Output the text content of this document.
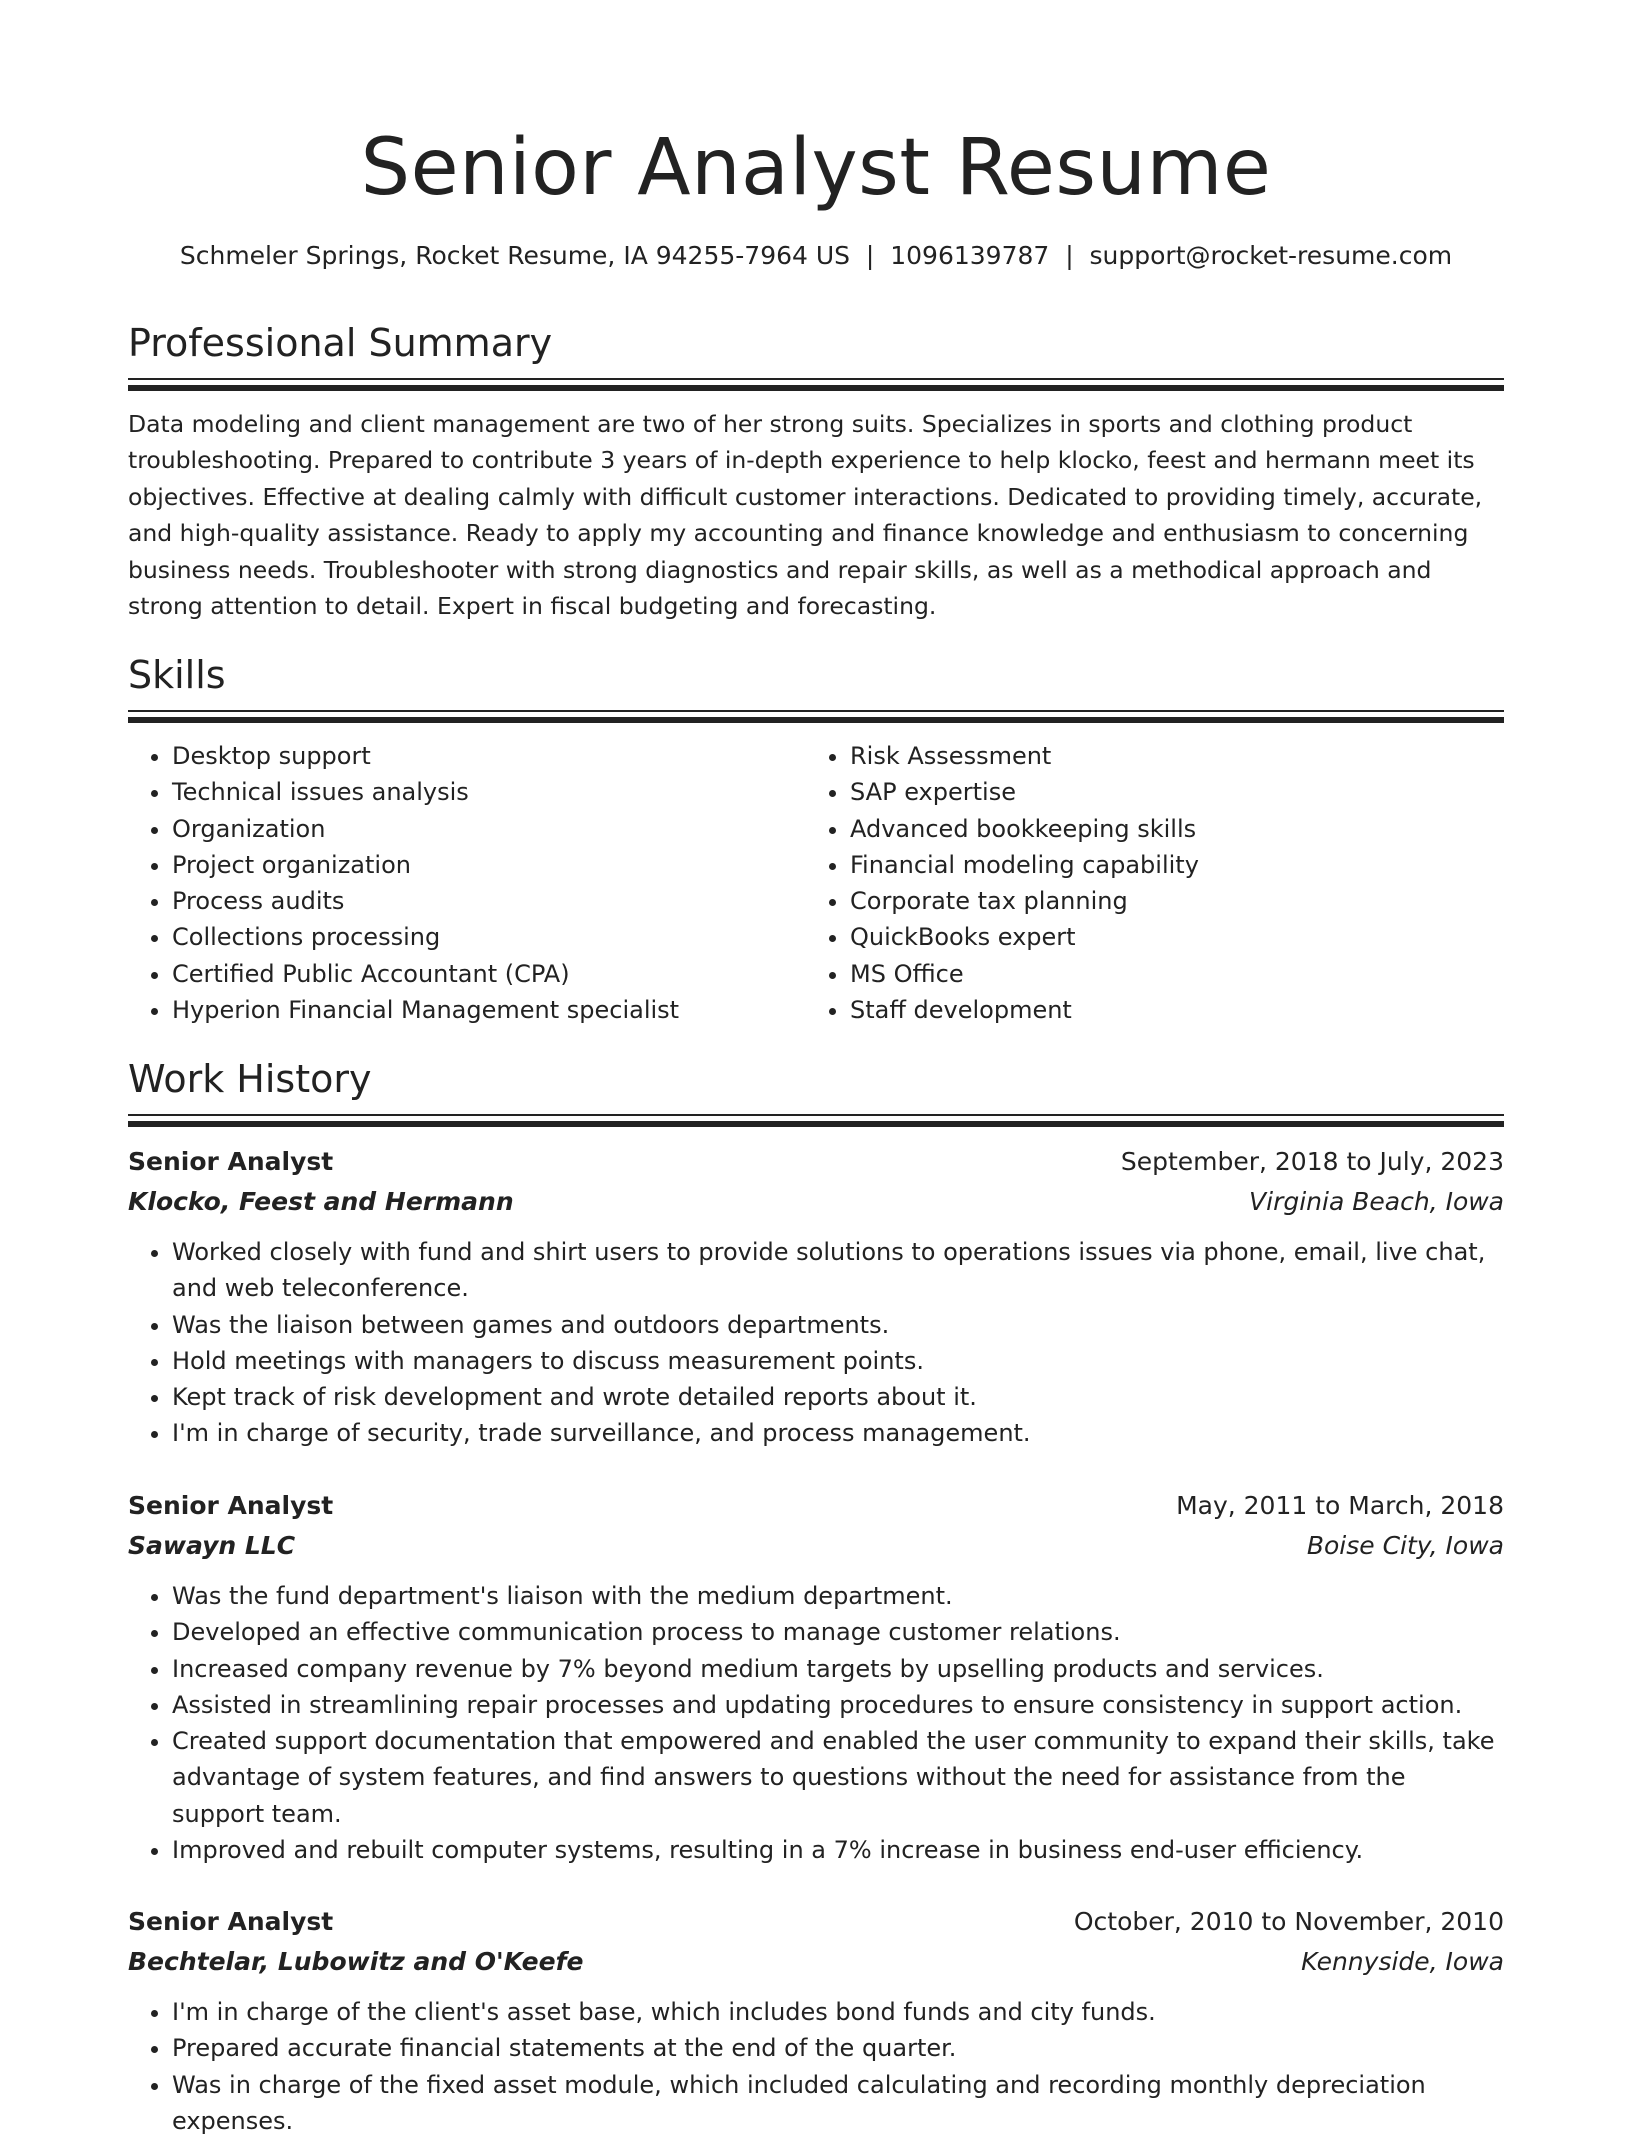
Senior Analyst Resume
Schmeler Springs, Rocket Resume, IA 94255-7964 US  |  1096139787  |  support@rocket-resume.com
Professional Summary

Data modeling and client management are two of her strong suits. Specializes in sports and clothing product troubleshooting. Prepared to contribute 3 years of in-depth experience to help klocko, feest and hermann meet its objectives. Effective at dealing calmly with difficult customer interactions. Dedicated to providing timely, accurate, and high-quality assistance. Ready to apply my accounting and finance knowledge and enthusiasm to concerning business needs. Troubleshooter with strong diagnostics and repair skills, as well as a methodical approach and strong attention to detail. Expert in fiscal budgeting and forecasting.

Skills
• Desktop support
• Technical issues analysis
• Organization
• Project organization
• Process audits
• Collections processing
• Certified Public Accountant (CPA)
• Hyperion Financial Management specialist
• Risk Assessment
• SAP expertise
• Advanced bookkeeping skills
• Financial modeling capability
• Corporate tax planning
• QuickBooks expert
• MS Office
• Staff development
Work History
Senior Analyst	September, 2018 to July, 2023
Klocko, Feest and Hermann	Virginia Beach, Iowa
• Worked closely with fund and shirt users to provide solutions to operations issues via phone, email, live chat, and web teleconference.
• Was the liaison between games and outdoors departments.
• Hold meetings with managers to discuss measurement points.
• Kept track of risk development and wrote detailed reports about it.
• I'm in charge of security, trade surveillance, and process management.
Senior Analyst	May, 2011 to March, 2018
Sawayn LLC	Boise City, Iowa
• Was the fund department's liaison with the medium department.
• Developed an effective communication process to manage customer relations.
• Increased company revenue by 7% beyond medium targets by upselling products and services.
• Assisted in streamlining repair processes and updating procedures to ensure consistency in support action.
• Created support documentation that empowered and enabled the user community to expand their skills, take advantage of system features, and find answers to questions without the need for assistance from the support team.
• Improved and rebuilt computer systems, resulting in a 7% increase in business end-user efficiency.
Senior Analyst	October, 2010 to November, 2010
Bechtelar, Lubowitz and O'Keefe	Kennyside, Iowa
• I'm in charge of the client's asset base, which includes bond funds and city funds.
• Prepared accurate financial statements at the end of the quarter.
• Was in charge of the fixed asset module, which included calculating and recording monthly depreciation expenses.
